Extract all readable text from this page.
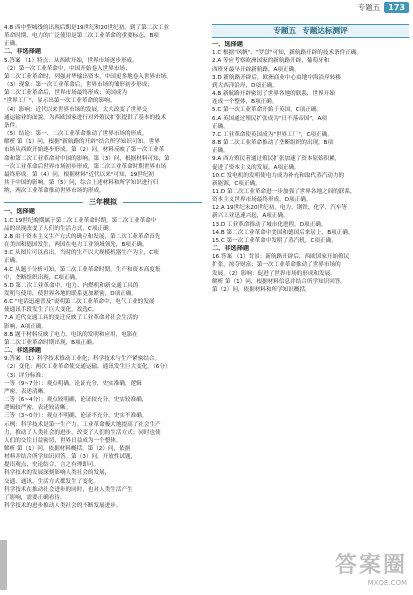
专题五	173

4.B 西中型城线的出现后期是19世纪和20世纪初，到了第二次工业

革命时期，电力的广泛使用是第二次工业革命的重要标志，B项

正确。

二、非选择题

5.答案 （1）特点：从西欧开始，世界市场逐步形成。

（2）第一次工业革命中，中国开始卷入世界市场；

第二次工业革命时，列强对华输出资本，中国更多地卷入世界市场。

（3）现象：第一次工业革命后，世界市场的雏形初步形成；

第二次工业革命后，世界市场最终形成；英国成为

"世界工厂"，显示出第一次工业革命的影响。

（4）影响：近代以来世界市场的发展，大大改变了世界交

通运输业的面貌，为西欧国家进行对外殖民扩张提供了基本的技术

条件。

（5）结论：第一、二次工业革命推动了世界市场的形成。

解析 第（1）问，根据"新航路的开辟"结合所学知识可知，世界

市场从西欧开始逐步形成。第（2）问，材料反映了第一次工业革

命和第二次工业革命对中国的影响。第（3）问，根据材料可知，第

一次工业革命后世界市场初步形成，第二次工业革命时期世界市场

最终形成。第（4）问，根据材料"近代以来"可知，19世纪初

其于中国的影响。第（5）问，综合上述材料和所学知识进行归

纳，两次工业革命推动世界市场的形成。

三年模拟

一、选择题

1.C 19世纪晚期属于第二次工业革命时期，第二次工业革命中

品的出现改变了人们的生活方式，C项正确。

2.B 由于资本主义生产方式的确立和发展，第二次工业革命首先

在美国和德国发生，两国在电力工业领域领先，B项正确。

3.C 从图片可以看出，当时的生产以大规模机器生产为主，C项

正确。

4.C 从题干分析可知，第二次工业革命时期，生产和资本高度集

中，垄断组织出现，C项正确。

5.D 第二次工业革命中，电力、内燃机和新交通工具的

发明与使用，使世界各地的联系更加紧密，D项正确。

6.C "电话迅速普及"说明第二次工业革命中，电气工业的发展

使通讯手段发生了巨大变化，故选C。

7.A 近代交通工具的变迁反映了工业革命对社会生活的

影响，A项正确。

8.B 题干材料反映了电力、电讯的发明和应用，电影在

第二次工业革命时期出现，B项正确。

二、非选择题

9.答案 （1）科学技术推动工业化；科学技术与生产紧密结合。

（2）变化：两次工业革命使交通运输、通讯发生巨大变化。（6分）

（3）评分标准：

一等（9~7分）：观点明确，论证充分，史实准确，逻辑

严密，表述清晰。

二等（6~4分）：观点较明确，论证较充分，史实较准确，

逻辑较严密，表述较清晰。

三等（3~0分）：观点不明确，论证不充分，史实不准确。

示例：科学技术是第一生产力。工业革命极大地提高了社会生产

力，推动了人类社会的进步，改变了人们的生活方式；同时也使

人们的交往日益密切，世界日益成为一个整体。

解析 第（1）问，依据材料概括。第（2）问，依据

材料并结合所学知识回答。第（3）问，开放性试题，

提出观点，史论结合，言之有理即可。

科学技术的发展深刻影响人类社会的发展，

交通、通讯、生活方式都发生了变化。

科学技术在推动社会进步的同时，也对人类生活产生

了影响，需要正确看待。

科学技术的进步推动人类社会的不断发展进步。

专题五 专题达标测评

一、选择题

1.C 根据"风帆"、"罗盘"可知，新航路开辟的技术条件正确。

2.A 等应考察欧洲国家的新航路开辟，葡萄牙和

西班牙最早开辟新航路，A项正确。

3.D 新航路开辟后，欧洲商业中心由地中海沿岸转移

到大西洋沿岸，D项正确。

4.B 新航路开辟密切了世界各地的联系，世界开始

连成一个整体，B项正确。

5.C 第一次工业革命开始于英国，C项正确。

6.A 英国通过殖民扩张成为"日不落帝国"，A项

正确。

7.C 工业革命使英国成为"世界工厂"，C项正确。

8.B 第二次工业革命推动了垄断组织的出现，B项

正确。

9.A 西方殖民者通过殖民扩张加速了资本原始积累，

促进了资本主义的发展，A项正确。

10.C 发电机的发明使电力成为补充和取代蒸汽动力的

新能源，C项正确。

11.D 第二次工业革命进一步加强了世界各地之间的联系，

资本主义世界市场最终形成，D项正确。

12.A 19世纪末20世纪初，电力、钢铁、化学、汽车等

新兴工业迅速兴起，A项正确。

13.D 工业革命推动了城市化进程，D项正确。

14.B 第二次工业革命中美国和德国后来居上，B项正确。

15.C 第一次工业革命中发明了蒸汽机，C项正确。

二、非选择题

16.答案 （1）背景：新航路开辟后，西欧国家开始殖民

扩张，掠夺财富；第一次工业革命推动了世界市场的

发展。（2）影响：促进了世界市场的形成和发展。

解析 第（1）问，根据材料信息并结合所学知识回答。

第（2）问，依据材料和所学知识概括。

答案圈
MXQE.COM
